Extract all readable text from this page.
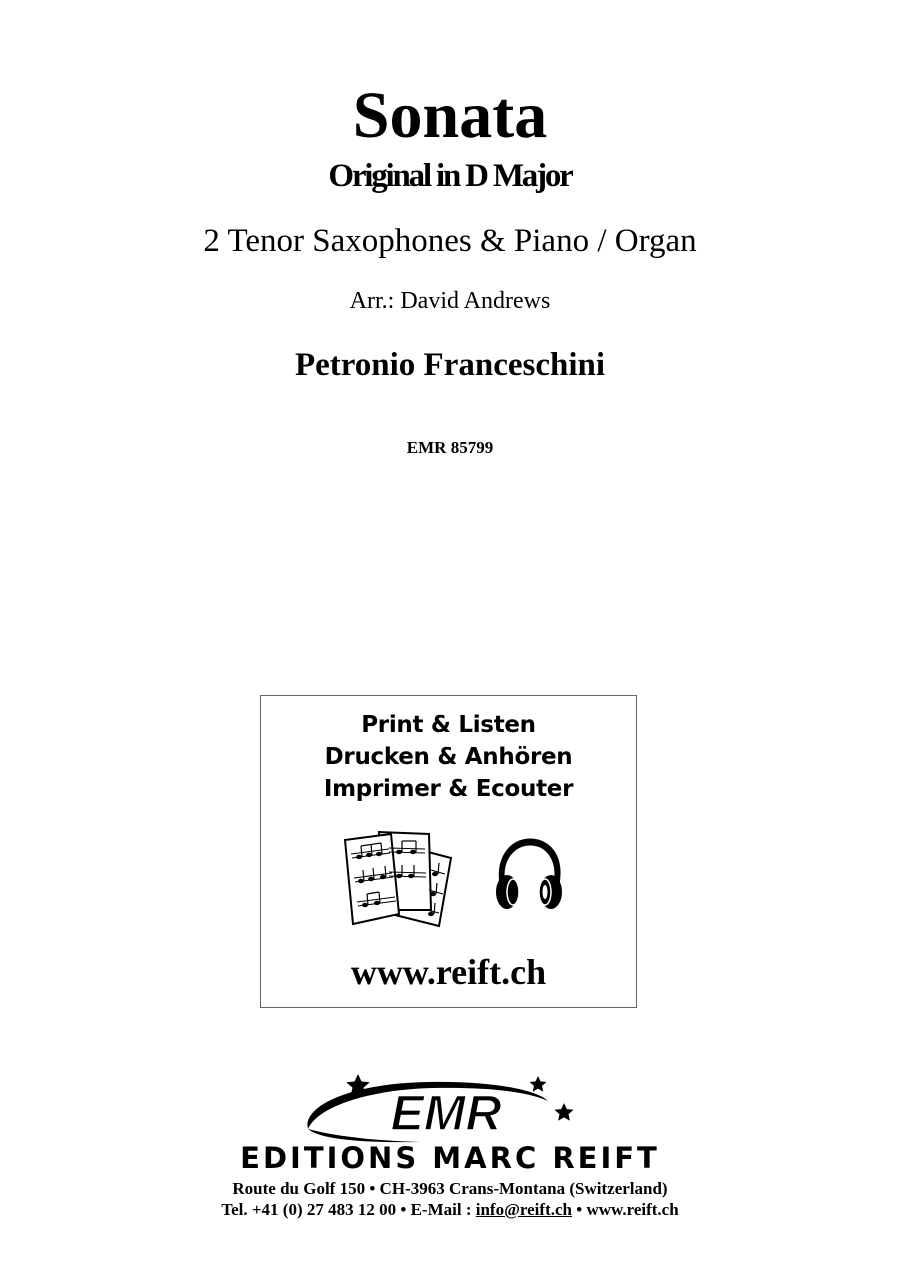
Sonata
Original in D Major
2 Tenor Saxophones & Piano / Organ
Arr.: David Andrews
Petronio Franceschini
EMR 85799
Print & Listen
Drucken & Anhören
Imprimer & Ecouter
www.reift.ch
EMR
EDITIONS MARC REIFT
Route du Golf 150 • CH-3963 Crans-Montana (Switzerland)
Tel. +41 (0) 27 483 12 00 • E-Mail : info@reift.ch • www.reift.ch
